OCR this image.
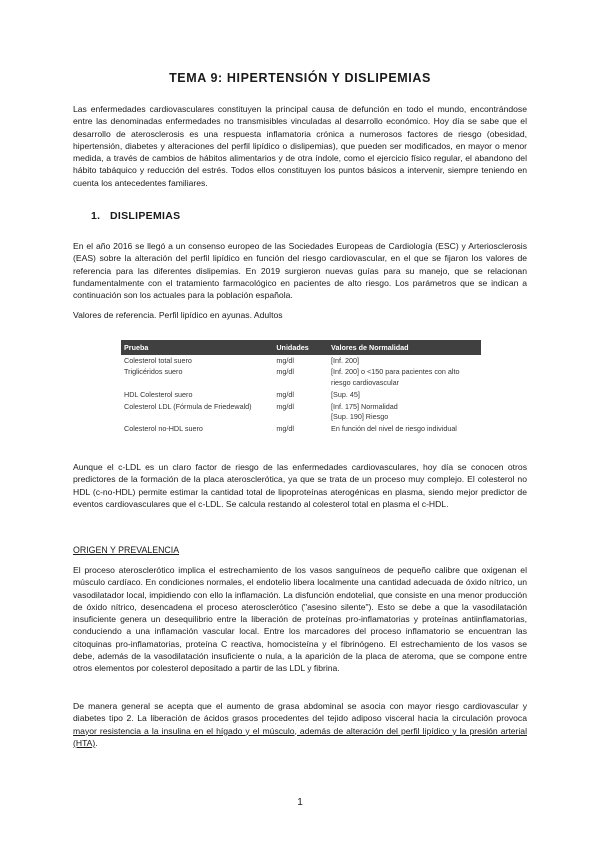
TEMA 9: HIPERTENSIÓN Y DISLIPEMIAS

Las enfermedades cardiovasculares constituyen la principal causa de defunción en todo el mundo, encontrándose entre las denominadas enfermedades no transmisibles vinculadas al desarrollo económico. Hoy día se sabe que el desarrollo de aterosclerosis es una respuesta inflamatoria crónica a numerosos factores de riesgo (obesidad, hipertensión, diabetes y alteraciones del perfil lipídico o dislipemias), que pueden ser modificados, en mayor o menor medida, a través de cambios de hábitos alimentarios y de otra índole, como el ejercicio físico regular, el abandono del hábito tabáquico y reducción del estrés. Todos ellos constituyen los puntos básicos a intervenir, siempre teniendo en cuenta los antecedentes familiares.

1. DISLIPEMIAS

En el año 2016 se llegó a un consenso europeo de las Sociedades Europeas de Cardiología (ESC) y Arteriosclerosis (EAS) sobre la alteración del perfil lipídico en función del riesgo cardiovascular, en el que se fijaron los valores de referencia para las diferentes dislipemias. En 2019 surgieron nuevas guías para su manejo, que se relacionan fundamentalmente con el tratamiento farmacológico en pacientes de alto riesgo. Los parámetros que se indican a continuación son los actuales para la población española.

Valores de referencia. Perfil lipídico en ayunas. Adultos
Prueba	Unidades	Valores de Normalidad
Colesterol total suero	mg/dl	[Inf. 200]
Triglicéridos suero	mg/dl	[Inf. 200] o <150 para pacientes con alto riesgo cardiovascular
HDL Colesterol suero	mg/dl	[Sup. 45]
Colesterol LDL (Fórmula de Friedewald)	mg/dl	[Inf. 175] Normalidad
[Sup. 190] Riesgo

Colesterol no-HDL suero	mg/dl	En función del nivel de riesgo individual

Aunque el c-LDL es un claro factor de riesgo de las enfermedades cardiovasculares, hoy día se conocen otros predictores de la formación de la placa aterosclerótica, ya que se trata de un proceso muy complejo. El colesterol no HDL (c-no-HDL) permite estimar la cantidad total de lipoproteínas aterogénicas en plasma, siendo mejor predictor de eventos cardiovasculares que el c-LDL. Se calcula restando al colesterol total en plasma el c-HDL.

ORIGEN Y PREVALENCIA

El proceso aterosclerótico implica el estrechamiento de los vasos sanguíneos de pequeño calibre que oxigenan el músculo cardíaco. En condiciones normales, el endotelio libera localmente una cantidad adecuada de óxido nítrico, un vasodilatador local, impidiendo con ello la inflamación. La disfunción endotelial, que consiste en una menor producción de óxido nítrico, desencadena el proceso aterosclerótico ("asesino silente"). Esto se debe a que la vasodilatación insuficiente genera un desequilibrio entre la liberación de proteínas pro-inflamatorias y proteínas antiinflamatorias, conduciendo a una inflamación vascular local. Entre los marcadores del proceso inflamatorio se encuentran las citoquinas pro-inflamatorias, proteína C reactiva, homocisteína y el fibrinógeno. El estrechamiento de los vasos se debe, además de la vasodilatación insuficiente o nula, a la aparición de la placa de ateroma, que se compone entre otros elementos por colesterol depositado a partir de las LDL y fibrina.

De manera general se acepta que el aumento de grasa abdominal se asocia con mayor riesgo cardiovascular y diabetes tipo 2. La liberación de ácidos grasos procedentes del tejido adiposo visceral hacia la circulación provoca mayor resistencia a la insulina en el hígado y el músculo, además de alteración del perfil lipídico y la presión arterial (HTA).

1
